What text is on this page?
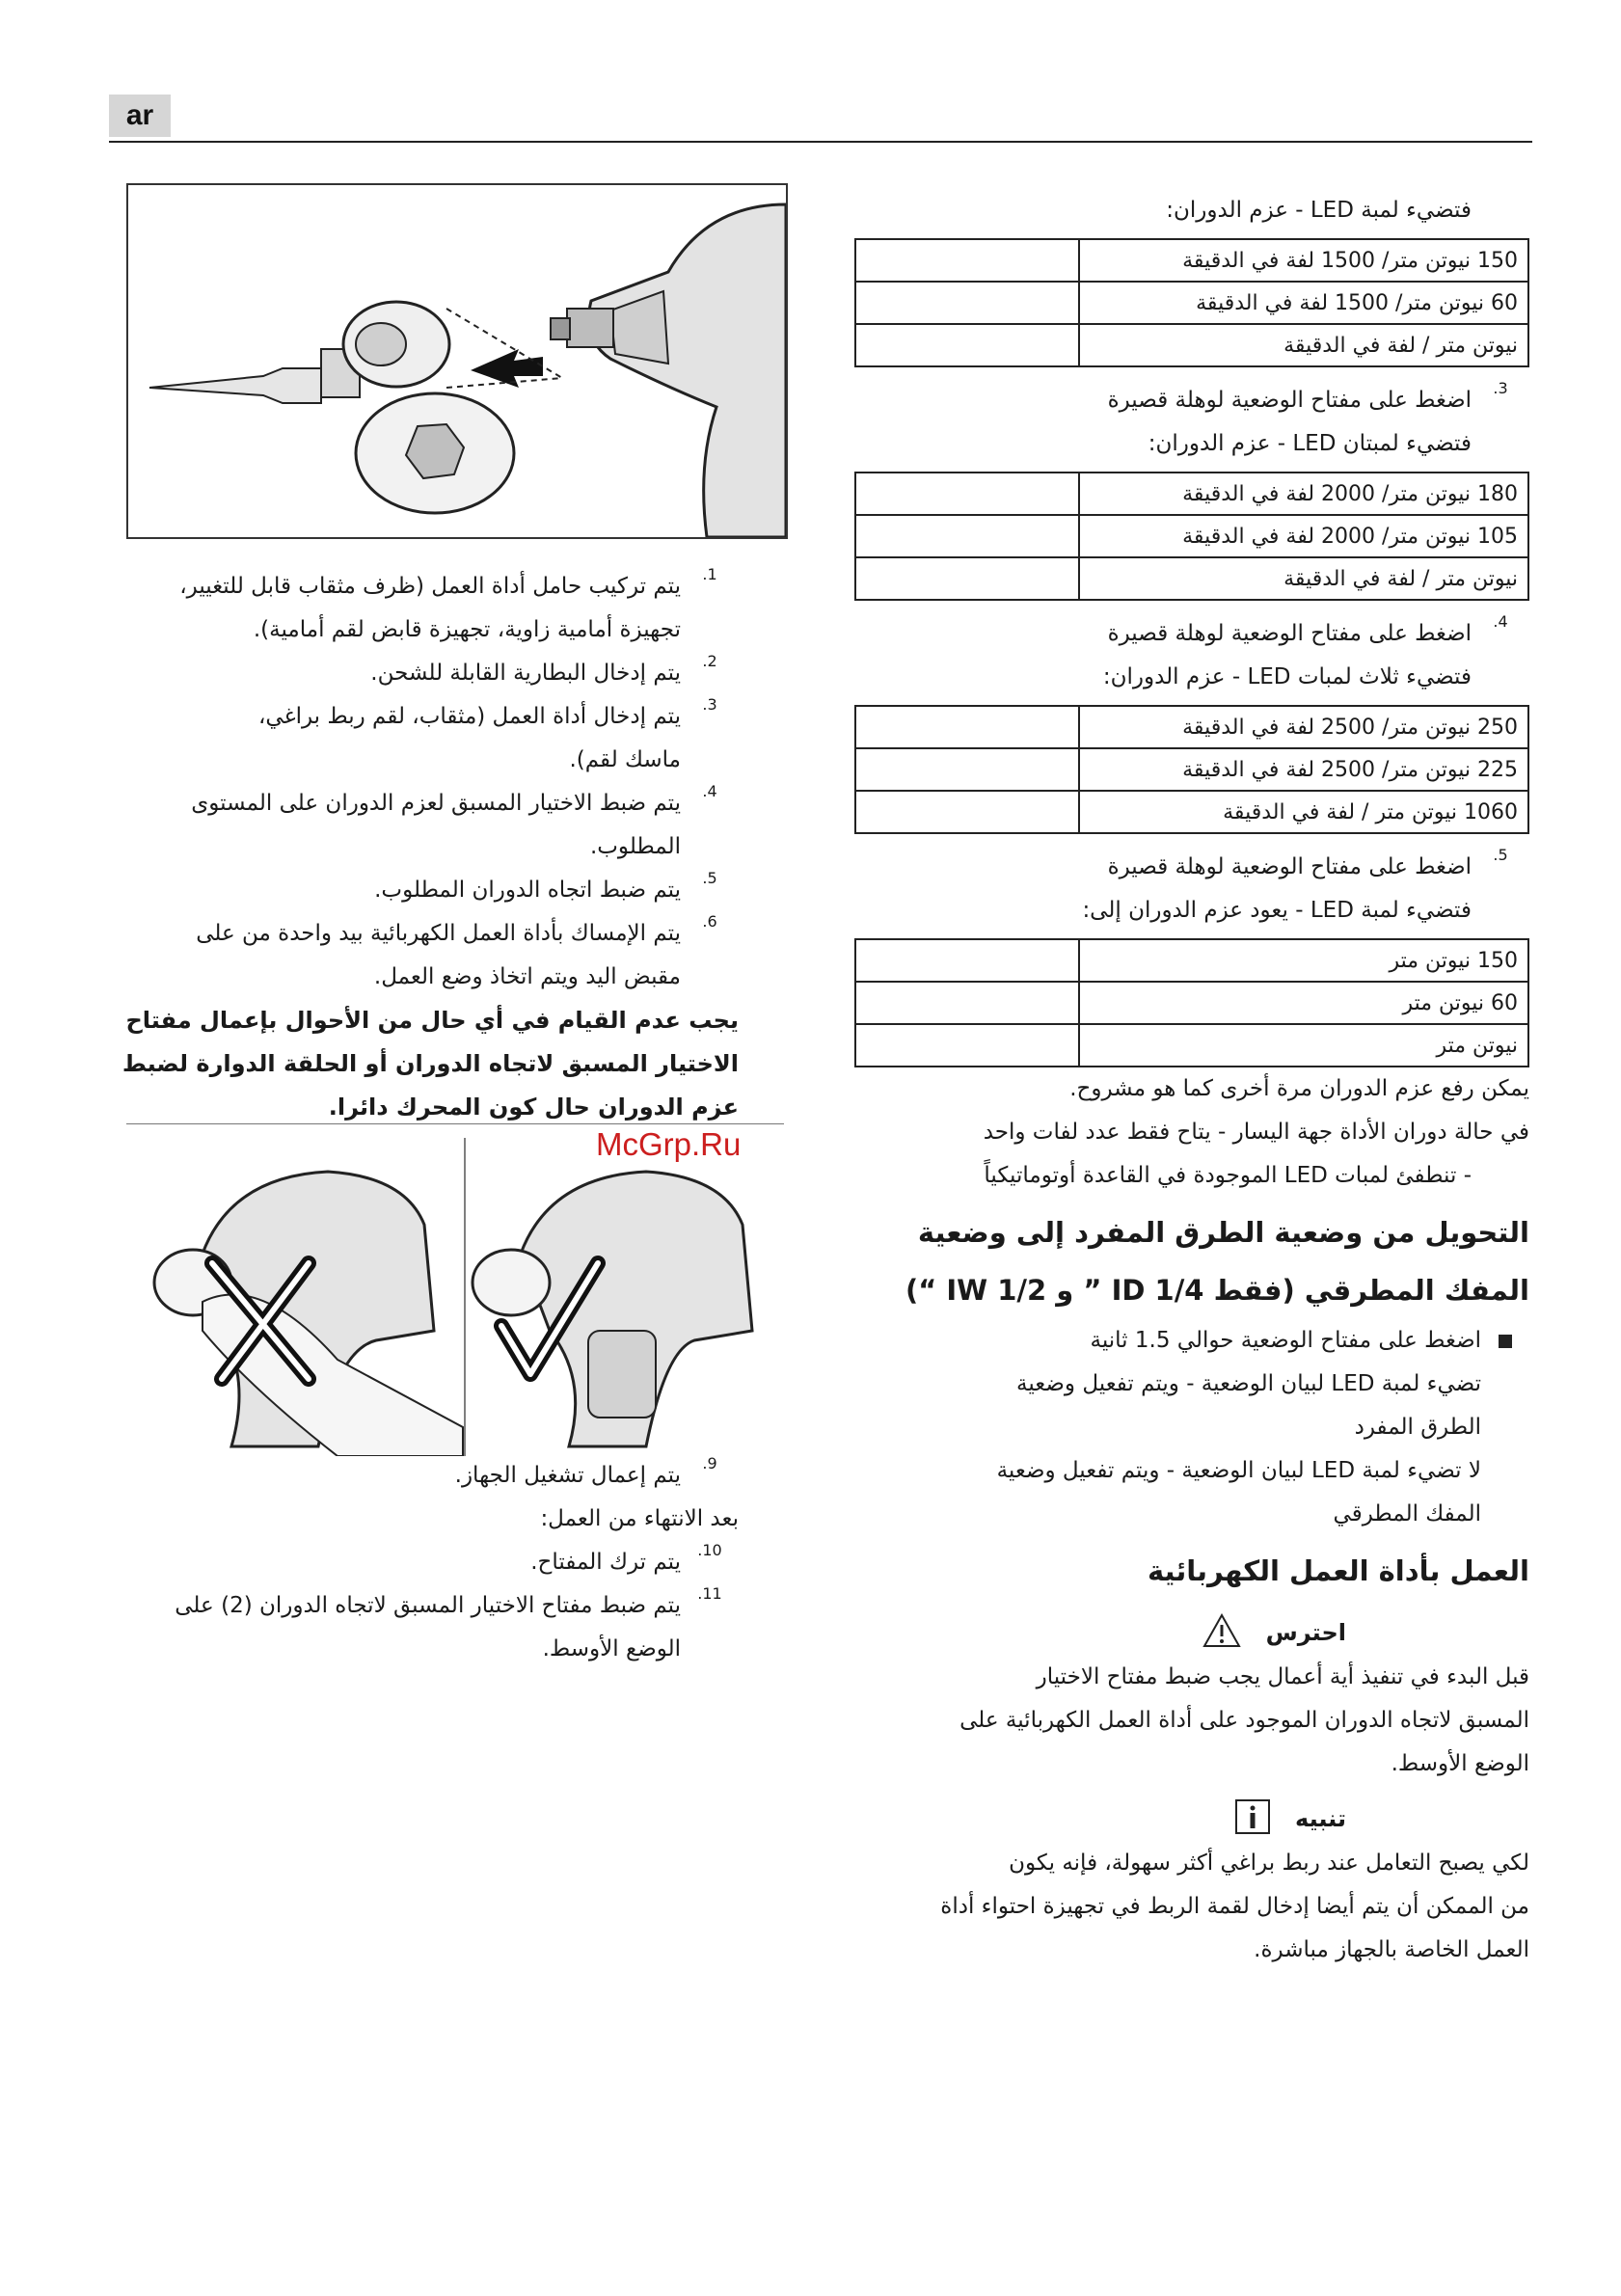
ar
.1
يتم تركيب حامل أداة العمل (ظرف مثقاب قابل للتغيير،
تجهيزة أمامية زاوية، تجهيزة قابض لقم أمامية).
.2
يتم إدخال البطارية القابلة للشحن.
.3
يتم إدخال أداة العمل (مثقاب، لقم ربط براغي،
ماسك لقم).
.4
يتم ضبط الاختيار المسبق لعزم الدوران على المستوى
المطلوب.
.5
يتم ضبط اتجاه الدوران المطلوب.
.6
يتم الإمساك بأداة العمل الكهربائية بيد واحدة من على
مقبض اليد ويتم اتخاذ وضع العمل.
يجب عدم القيام في أي حال من الأحوال بإعمال مفتاح
الاختيار المسبق لاتجاه الدوران أو الحلقة الدوارة لضبط
عزم الدوران حال كون المحرك دائرا.
McGrp.Ru
.9
يتم إعمال تشغيل الجهاز.
بعد الانتهاء من العمل:
.10
يتم ترك المفتاح.
.11
يتم ضبط مفتاح الاختيار المسبق لاتجاه الدوران (2) على
الوضع الأوسط.
فتضيء لمبة LED - عزم الدوران:
150 نيوتن متر/ 1500 لفة في الدقيقة	
60 نيوتن متر/ 1500 لفة في الدقيقة	
نيوتن متر / لفة في الدقيقة	
.3
اضغط على مفتاح الوضعية لوهلة قصيرة
فتضيء لمبتان LED - عزم الدوران:
180 نيوتن متر/ 2000 لفة في الدقيقة	
105 نيوتن متر/ 2000 لفة في الدقيقة	
نيوتن متر / لفة في الدقيقة	
.4
اضغط على مفتاح الوضعية لوهلة قصيرة
فتضيء ثلاث لمبات LED - عزم الدوران:
250 نيوتن متر/ 2500 لفة في الدقيقة	
225 نيوتن متر/ 2500 لفة في الدقيقة	
1060 نيوتن متر / لفة في الدقيقة	
.5
اضغط على مفتاح الوضعية لوهلة قصيرة
فتضيء لمبة LED - يعود عزم الدوران إلى:
150 نيوتن متر	
60 نيوتن متر	
نيوتن متر	
يمكن رفع عزم الدوران مرة أخرى كما هو مشروح.
في حالة دوران الأداة جهة اليسار - يتاح فقط عدد لفات واحد
- تنطفئ لمبات LED الموجودة في القاعدة أوتوماتيكياً
التحويل من وضعية الطرق المفرد إلى وضعية
المفك المطرقي (فقط ID 1/4 ” و IW 1/2 “)
اضغط على مفتاح الوضعية حوالي 1.5 ثانية
تضيء لمبة LED لبيان الوضعية - ويتم تفعيل وضعية
الطرق المفرد
لا تضيء لمبة LED لبيان الوضعية - ويتم تفعيل وضعية
المفك المطرقي
العمل بأداة العمل الكهربائية
احترس
قبل البدء في تنفيذ أية أعمال يجب ضبط مفتاح الاختيار
المسبق لاتجاه الدوران الموجود على أداة العمل الكهربائية على
الوضع الأوسط.
تنبيه
لكي يصبح التعامل عند ربط براغي أكثر سهولة، فإنه يكون
من الممكن أن يتم أيضا إدخال لقمة الربط في تجهيزة احتواء أداة
العمل الخاصة بالجهاز مباشرة.
